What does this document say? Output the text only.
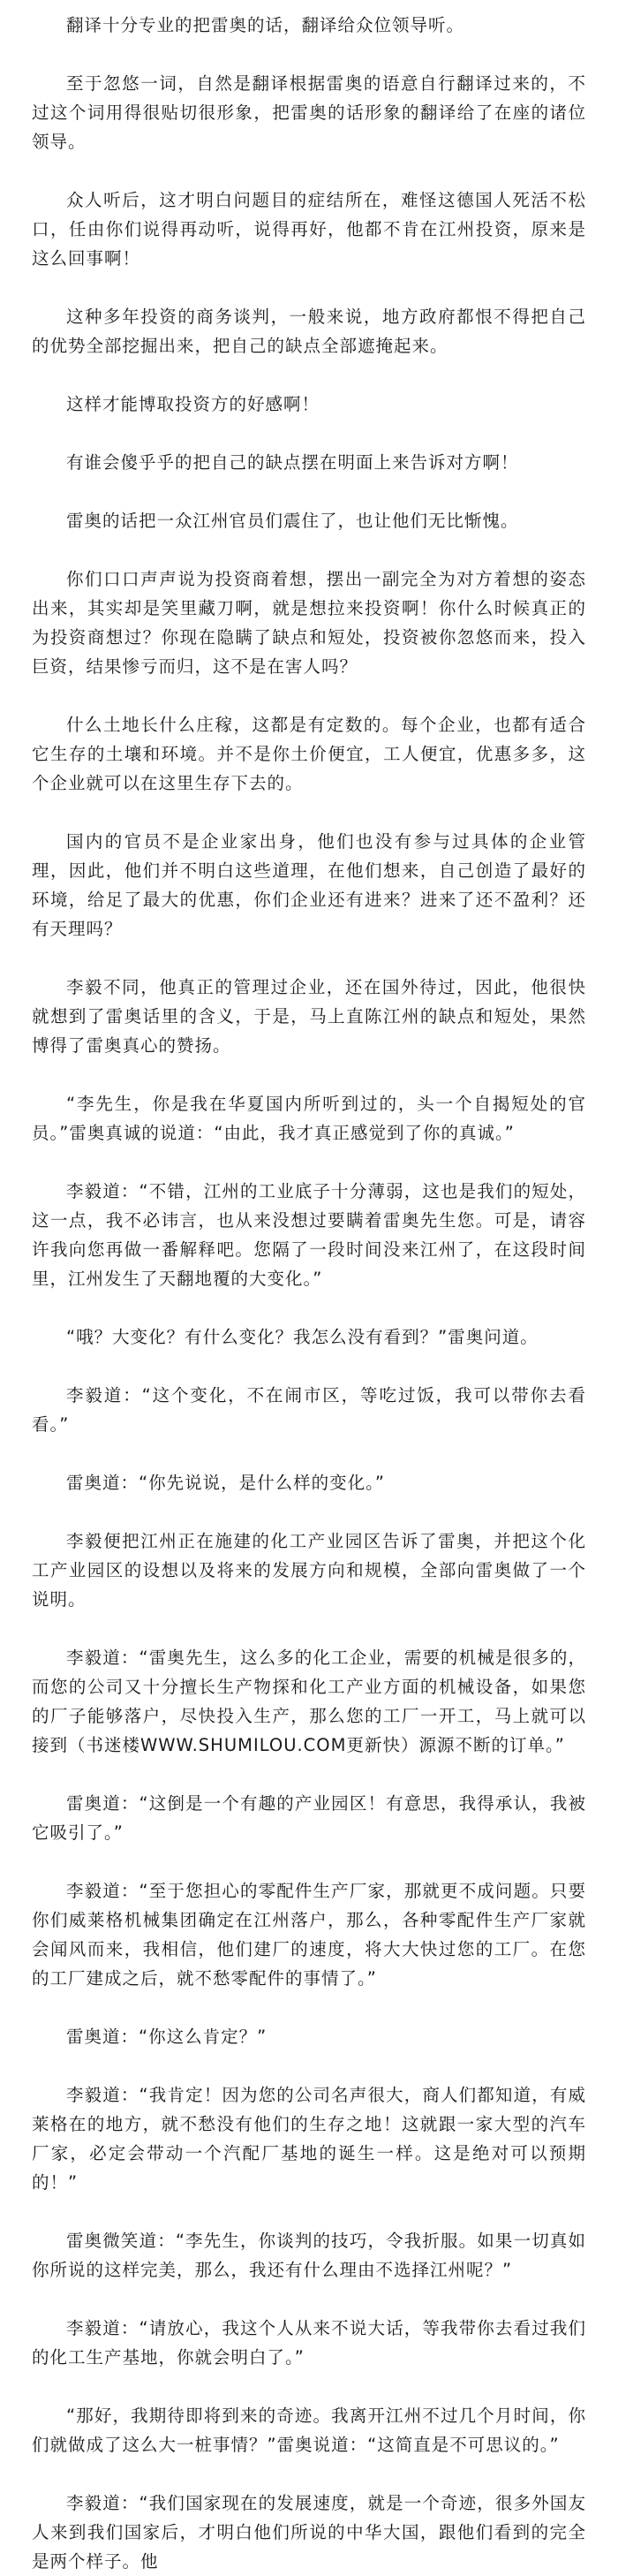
翻译十分专业的把雷奥的话，翻译给众位领导听。

至于忽悠一词，自然是翻译根据雷奥的语意自行翻译过来的，不过这个词用得很贴切很形象，把雷奥的话形象的翻译给了在座的诸位领导。

众人听后，这才明白问题目的症结所在，难怪这德国人死活不松口，任由你们说得再动听，说得再好，他都不肯在江州投资，原来是这么回事啊！

这种多年投资的商务谈判，一般来说，地方政府都恨不得把自己的优势全部挖掘出来，把自己的缺点全部遮掩起来。

这样才能博取投资方的好感啊！

有谁会傻乎乎的把自己的缺点摆在明面上来告诉对方啊！

雷奥的话把一众江州官员们震住了，也让他们无比惭愧。

你们口口声声说为投资商着想，摆出一副完全为对方着想的姿态出来，其实却是笑里藏刀啊，就是想拉来投资啊！你什么时候真正的为投资商想过？你现在隐瞒了缺点和短处，投资被你忽悠而来，投入巨资，结果惨亏而归，这不是在害人吗？

什么土地长什么庄稼，这都是有定数的。每个企业，也都有适合它生存的土壤和环境。并不是你土价便宜，工人便宜，优惠多多，这个企业就可以在这里生存下去的。

国内的官员不是企业家出身，他们也没有参与过具体的企业管理，因此，他们并不明白这些道理，在他们想来，自己创造了最好的环境，给足了最大的优惠，你们企业还有进来？进来了还不盈利？还有天理吗？

李毅不同，他真正的管理过企业，还在国外待过，因此，他很快就想到了雷奥话里的含义，于是，马上直陈江州的缺点和短处，果然博得了雷奥真心的赞扬。

“李先生，你是我在华夏国内所听到过的，头一个自揭短处的官员。”雷奥真诚的说道：“由此，我才真正感觉到了你的真诚。”

李毅道：“不错，江州的工业底子十分薄弱，这也是我们的短处，这一点，我不必讳言，也从来没想过要瞒着雷奥先生您。可是，请容许我向您再做一番解释吧。您隔了一段时间没来江州了，在这段时间里，江州发生了天翻地覆的大变化。”

“哦？大变化？有什么变化？我怎么没有看到？”雷奥问道。

李毅道：“这个变化，不在闹市区，等吃过饭，我可以带你去看看。”

雷奥道：“你先说说，是什么样的变化。”

李毅便把江州正在施建的化工产业园区告诉了雷奥，并把这个化工产业园区的设想以及将来的发展方向和规模，全部向雷奥做了一个说明。

李毅道：“雷奥先生，这么多的化工企业，需要的机械是很多的，而您的公司又十分擅长生产物探和化工产业方面的机械设备，如果您的厂子能够落户，尽快投入生产，那么您的工厂一开工，马上就可以接到（书迷楼WWW.SHUMILOU.COM更新快）源源不断的订单。”

雷奥道：“这倒是一个有趣的产业园区！有意思，我得承认，我被它吸引了。”

李毅道：“至于您担心的零配件生产厂家，那就更不成问题。只要你们威莱格机械集团确定在江州落户，那么，各种零配件生产厂家就会闻风而来，我相信，他们建厂的速度，将大大快过您的工厂。在您的工厂建成之后，就不愁零配件的事情了。”

雷奥道：“你这么肯定？”

李毅道：“我肯定！因为您的公司名声很大，商人们都知道，有威莱格在的地方，就不愁没有他们的生存之地！这就跟一家大型的汽车厂家，必定会带动一个汽配厂基地的诞生一样。这是绝对可以预期的！”

雷奥微笑道：“李先生，你谈判的技巧，令我折服。如果一切真如你所说的这样完美，那么，我还有什么理由不选择江州呢？”

李毅道：“请放心，我这个人从来不说大话，等我带你去看过我们的化工生产基地，你就会明白了。”

“那好，我期待即将到来的奇迹。我离开江州不过几个月时间，你们就做成了这么大一桩事情？”雷奥说道：“这简直是不可思议的。”

李毅道：“我们国家现在的发展速度，就是一个奇迹，很多外国友人来到我们国家后，才明白他们所说的中华大国，跟他们看到的完全是两个样子。他
